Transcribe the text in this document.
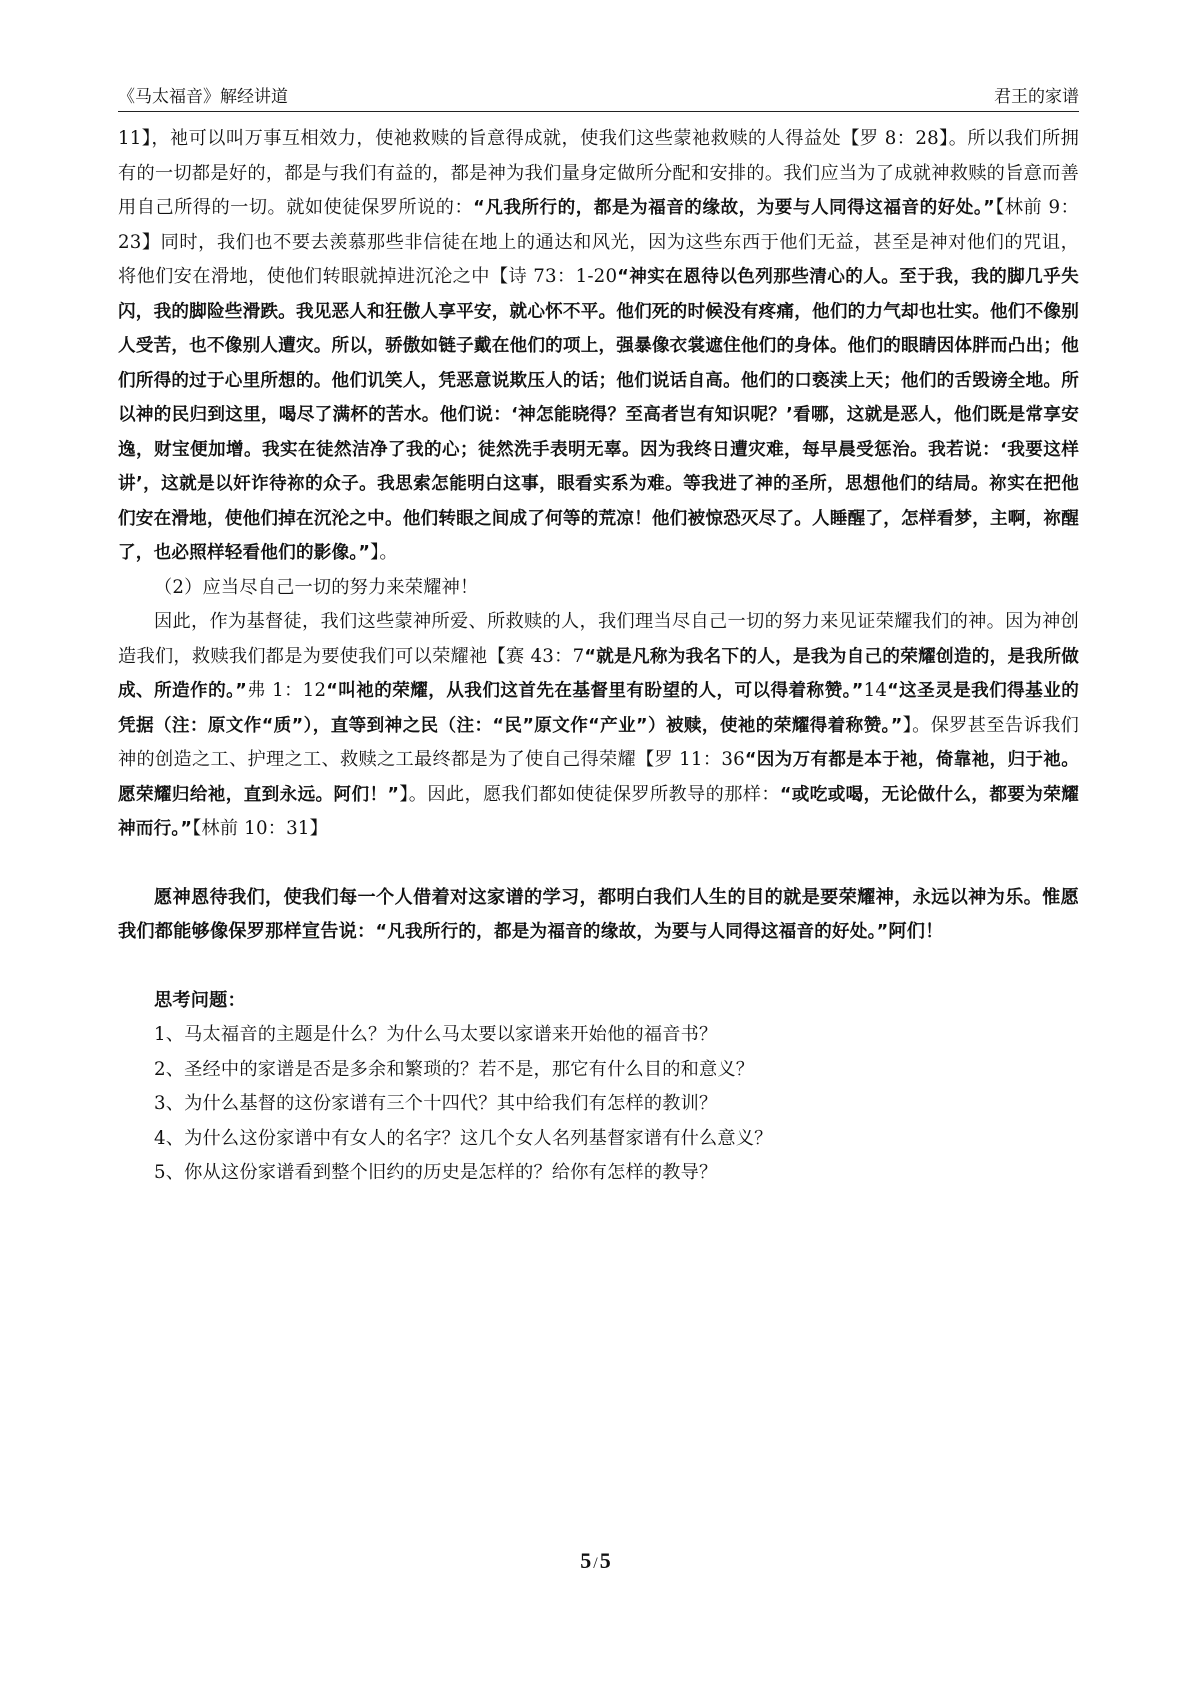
《马太福音》解经讲道	君王的家谱

11】，祂可以叫万事互相效力，使祂救赎的旨意得成就，使我们这些蒙祂救赎的人得益处【罗 8：28】。所以我们所拥有的一切都是好的，都是与我们有益的，都是神为我们量身定做所分配和安排的。我们应当为了成就神救赎的旨意而善用自己所得的一切。就如使徒保罗所说的：“凡我所行的，都是为福音的缘故，为要与人同得这福音的好处。”【林前 9：23】同时，我们也不要去羡慕那些非信徒在地上的通达和风光，因为这些东西于他们无益，甚至是神对他们的咒诅，将他们安在滑地，使他们转眼就掉进沉沦之中【诗 73：1-20“神实在恩待以色列那些清心的人。至于我，我的脚几乎失闪，我的脚险些滑跌。我见恶人和狂傲人享平安，就心怀不平。他们死的时候没有疼痛，他们的力气却也壮实。他们不像别人受苦，也不像别人遭灾。所以，骄傲如链子戴在他们的项上，强暴像衣裳遮住他们的身体。他们的眼睛因体胖而凸出；他们所得的过于心里所想的。他们讥笑人，凭恶意说欺压人的话；他们说话自高。他们的口亵渎上天；他们的舌毁谤全地。所以神的民归到这里，喝尽了满杯的苦水。他们说：‘神怎能晓得？至高者岂有知识呢？’看哪，这就是恶人，他们既是常享安逸，财宝便加增。我实在徒然洁净了我的心；徒然洗手表明无辜。因为我终日遭灾难，每早晨受惩治。我若说：‘我要这样讲’，这就是以奸诈待祢的众子。我思索怎能明白这事，眼看实系为难。等我进了神的圣所，思想他们的结局。祢实在把他们安在滑地，使他们掉在沉沦之中。他们转眼之间成了何等的荒凉！他们被惊恐灭尽了。人睡醒了，怎样看梦，主啊，祢醒了，也必照样轻看他们的影像。”】。

（2）应当尽自己一切的努力来荣耀神！

因此，作为基督徒，我们这些蒙神所爱、所救赎的人，我们理当尽自己一切的努力来见证荣耀我们的神。因为神创造我们，救赎我们都是为要使我们可以荣耀祂【赛 43：7“就是凡称为我名下的人，是我为自己的荣耀创造的，是我所做成、所造作的。”弗 1：12“叫祂的荣耀，从我们这首先在基督里有盼望的人，可以得着称赞。”14“这圣灵是我们得基业的凭据（注：原文作“质”），直等到神之民（注：“民”原文作“产业”）被赎，使祂的荣耀得着称赞。”】。保罗甚至告诉我们神的创造之工、护理之工、救赎之工最终都是为了使自己得荣耀【罗 11：36“因为万有都是本于祂，倚靠祂，归于祂。愿荣耀归给祂，直到永远。阿们！”】。因此，愿我们都如使徒保罗所教导的那样：“或吃或喝，无论做什么，都要为荣耀神而行。”【林前 10：31】

愿神恩待我们，使我们每一个人借着对这家谱的学习，都明白我们人生的目的就是要荣耀神，永远以神为乐。惟愿我们都能够像保罗那样宣告说：“凡我所行的，都是为福音的缘故，为要与人同得这福音的好处。”阿们！

思考问题：

1、马太福音的主题是什么？为什么马太要以家谱来开始他的福音书？

2、圣经中的家谱是否是多余和繁琐的？若不是，那它有什么目的和意义？

3、为什么基督的这份家谱有三个十四代？其中给我们有怎样的教训？

4、为什么这份家谱中有女人的名字？这几个女人名列基督家谱有什么意义？

5、你从这份家谱看到整个旧约的历史是怎样的？给你有怎样的教导？

5 /5
